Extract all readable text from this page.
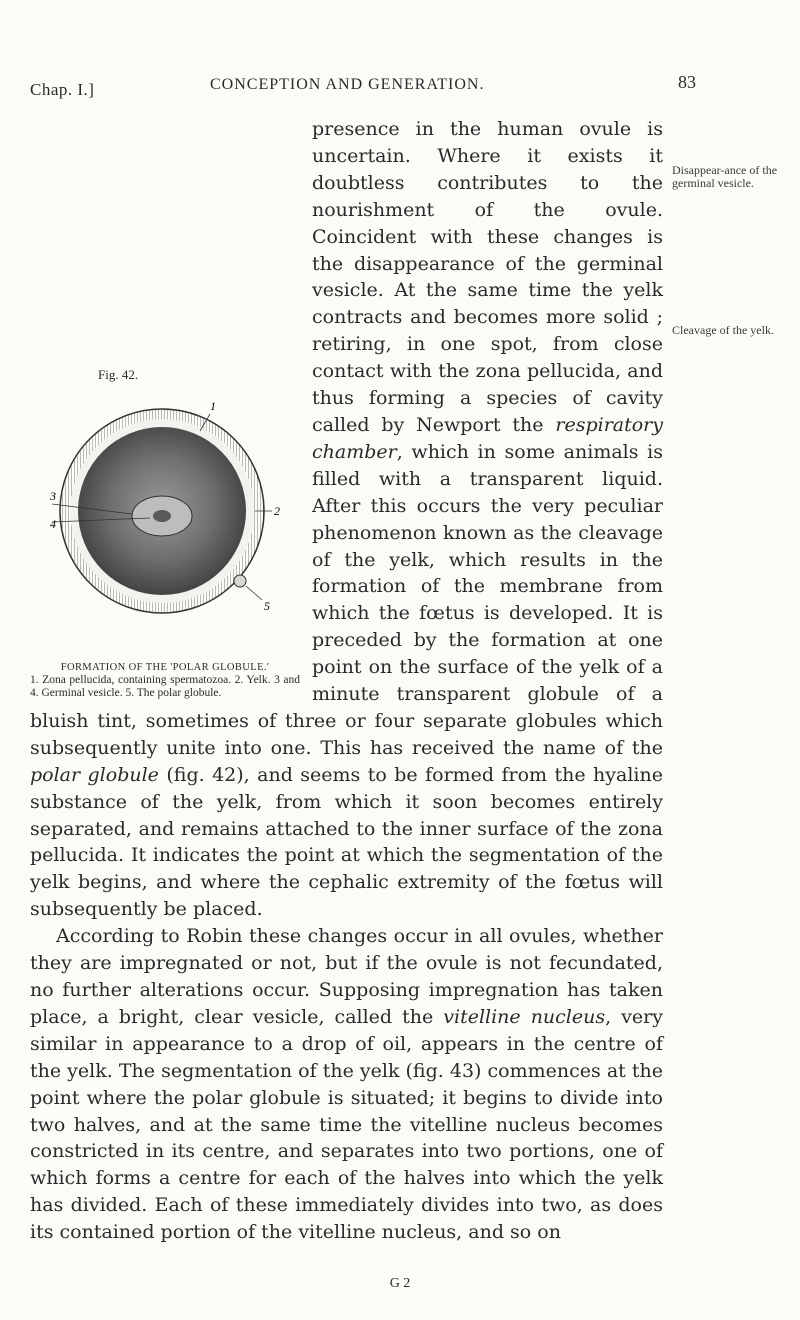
Chap. I.]	CONCEPTION AND GENERATION.	83

Fig. 42.
1
2
3
4
5
FORMATION OF THE 'POLAR GLOBULE.'
1. Zona pellucida, containing spermatozoa. 2. Yelk. 3 and 4. Germinal vesicle. 5. The polar globule.
presence in the human ovule is uncertain. Where it exists it doubtless contributes to the nourishment of the ovule. Coincident with these changes is the disappearance of the germinal vesicle. At the same time the yelk contracts and becomes more solid ; retiring, in one spot, from close contact with the zona pellucida, and thus forming a species of cavity called by Newport the respiratory chamber, which in some animals is filled with a transparent liquid. After this occurs the very peculiar phenomenon known as the cleavage of the yelk, which results in the formation of the membrane from which the fœtus is developed. It is preceded by the formation at one point on the surface of the yelk of a minute transparent globule of a bluish tint, sometimes of three or four separate globules which subsequently unite into one. This has received the name of the polar globule (fig. 42), and seems to be formed from the hyaline substance of the yelk, from which it soon becomes entirely separated, and remains attached to the inner surface of the zona pellucida. It indicates the point at which the segmentation of the yelk begins, and where the cephalic extremity of the fœtus will subsequently be placed.

According to Robin these changes occur in all ovules, whether they are impregnated or not, but if the ovule is not fecundated, no further alterations occur. Supposing impregnation has taken place, a bright, clear vesicle, called the vitelline nucleus, very similar in appearance to a drop of oil, appears in the centre of the yelk. The segmentation of the yelk (fig. 43) commences at the point where the polar globule is situated; it begins to divide into two halves, and at the same time the vitelline nucleus becomes constricted in its centre, and separates into two portions, one of which forms a centre for each of the halves into which the yelk has divided. Each of these immediately divides into two, as does its contained portion of the vitelline nucleus, and so on

Disappear-ance of the germinal vesicle.
Cleavage of the yelk.
G 2
